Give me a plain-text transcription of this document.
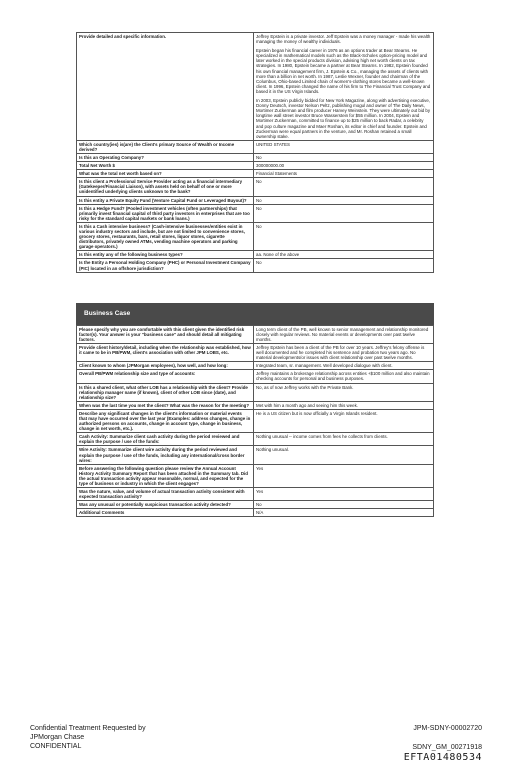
Provide detailed and specific information.	Jeffrey Epstein is a private investor. Jeff Epstein was a money manager - made his wealth managing the money of wealthy individuals.
Epstein began his financial career in 1976 as an options trader at Bear Stearns. He specialized in mathematical models such as the Black-Scholes option-pricing model and later worked in the special products division, advising high net worth clients on tax strategies. In 1980, Epstein became a partner at Bear Stearns. In 1982, Epstein founded his own financial management firm, J. Epstein & Co., managing the assets of clients with more than a billion in net worth. In 1987, Leslie Wexner, founder and chairman of the Columbus, Ohio-based Limited chain of women's-clothing stores became a well-known client. In 1996, Epstein changed the name of his firm to The Financial Trust Company and based it in the US Virgin Islands.
In 2003, Epstein publicly bidded for New York Magazine, along with advertising executive, Donny Deutsch, investor Nelson Peltz, publishing mogul and owner of The Daily News, Mortimer Zuckerman and film producer Harvey Weinstein. They were ultimately out bid by longtime wall street investor Bruce Wasserstein for $55 million. In 2004, Epstein and Mortimer Zuckerman, committed to finance up to $25 million to back Radar, a celebrity and pop culture magazine and Maer Roshan, its editor in chief and founder. Epstein and Zuckerman were equal partners in the venture, and Mr. Roshan retained a small ownership stake.

Which country(ies) is(are) the Client's primary Source of Wealth or Income derived?	UNITED STATES

Is this an Operating Company?	No

Total Net Worth $	300000000.00

What was the total net worth based on?	Financial Statements

Is this client a Professional Service Provider acting as a financial intermediary (Gatekeeper/Financial Liaison), with assets held on behalf of one or more unidentified underlying clients unknown to the bank?	No

Is this entity a Private Equity Fund (Venture Capital Fund or Leveraged Buyout)?	No

Is this a Hedge Fund? (Pooled investment vehicles (often partnerships) that primarily invest financial capital of third party investors in enterprises that are too risky for the standard capital markets or bank loans.)	No

Is this a Cash intensive business? (Cash-intensive businesses/entities exist in various industry sectors and include, but are not limited to convenience stores, grocery stores, restaurants, bars, retail stores, liquor stores, cigarette distributors, privately owned ATMs, vending machine operators and parking garage operators.)	No

Is this entity any of the following business types?	aa. None of the above

Is the Entity a Personal Holding Company (PHC) or Personal Investment Company (PIC) located in an offshore jurisdiction?	No
Business Case
Please specify why you are comfortable with this client given the identified risk factor(s). Your answer is your "business case" and should detail all mitigating factors.	Long term client of the PB, well known to senior management and relationship monitored closely with regular reviews. No material events or developments over past twelve months.
Provide client history/detail, including when the relationship was established, how it came to be in PB/PWM, client's association with other JPM LOBS, etc.	Jeffrey Epstein has been a client of the PB for over 10 years. Jeffrey's felony offense is well documented and he completed his sentence and probation two years ago. No material developments/or issues with client relationship over past twelve months.
Client known to whom (JPMorgan employees), how well, and how long:	Integrated team, sr. management. Well developed dialogue with client.
Overall PB/PWM relationship size and type of accounts:	Jeffrey maintains a brokerage relationship across entities +$100 million and also maintain checking accounts for personal and business purposes.
Is this a shared client, what other LOB has a relationship with the client? Provide relationship manager name (if known), client of other LOB since (date), and relationship size?	No, as of now Jeffrey works with the Private Bank.
When was the last time you met the client? What was the reason for the meeting?	Met with him a month ago and seeing him this week.
Describe any significant changes in the client's information or material events that may have occurred over the last year (Examples: address changes, change in authorized persons on accounts, change in account type, change in business, change in net worth, etc.).	He is a US citizen but is now officially a Virgin Islands resident.
Cash Activity: Summarize client cash activity during the period reviewed and explain the purpose / use of the funds:	Nothing unusual -- income comes from fees he collects from clients.
Wire Activity: Summarize client wire activity during the period reviewed and explain the purpose / use of the funds, including any international/cross border wires:	Nothing unusual.
Before answering the following question please review the Annual Account History Activity Summary Report that has been attached in the Summary tab. Did the actual transaction activity appear reasonable, normal, and expected for the type of business or industry in which the client engages?	Yes
Was the nature, value, and volume of actual transaction activity consistent with expected transaction activity?	Yes
Was any unusual or potentially suspicious transaction activity detected?	No
Additional Comments	N/A
Confidential Treatment Requested by
JPMorgan Chase
CONFIDENTIAL
JPM-SDNY-00002720
SDNY_GM_00271918
EFTA01480534
